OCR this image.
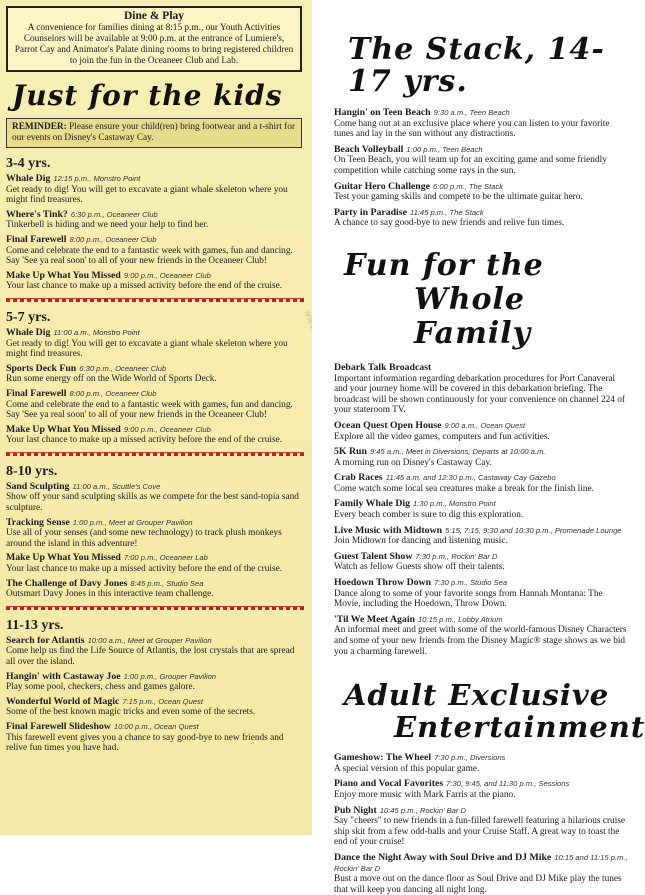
Dine & Play
A convenience for families dining at 8:15 p.m., our Youth Activities Counselors will be available at 9:00 p.m. at the entrance of Lumiere's, Parrot Cay and Animator's Palate dining rooms to bring registered children to join the fun in the Oceaneer Club and Lab.
Just for the kids
REMINDER: Please ensure your child(ren) bring footwear and a t-shirt for our events on Disney's Castaway Cay.
3-4 yrs.
Whale Dig 12:15 p.m., Monstro Point
Get ready to dig! You will get to excavate a giant whale skeleton where you might find treasures.
Where's Tink? 6:30 p.m., Oceaneer Club
Tinkerbell is hiding and we need your help to find her.
Final Farewell 8:00 p.m., Oceaneer Club
Come and celebrate the end to a fantastic week with games, fun and dancing. Say 'See ya real soon' to all of your new friends in the Oceaneer Club!
Make Up What You Missed 9:00 p.m., Oceaneer Club
Your last chance to make up a missed activity before the end of the cruise.
5-7 yrs.
Whale Dig 11:00 a.m., Monstro Point
Get ready to dig! You will get to excavate a giant whale skeleton where you might find treasures.
Sports Deck Fun 6:30 p.m., Oceaneer Club
Run some energy off on the Wide World of Sports Deck.
Final Farewell 8:00 p.m., Oceaneer Club
Come and celebrate the end to a fantastic week with games, fun and dancing. Say 'See ya real soon' to all of your new friends in the Oceaneer Club!
Make Up What You Missed 9:00 p.m., Oceaneer Club
Your last chance to make up a missed activity before the end of the cruise.
8-10 yrs.
Sand Sculpting 11:00 a.m., Scuttle's Cove
Show off your sand sculpting skills as we compete for the best sand-topia sand sculpture.
Tracking Sense 1:00 p.m., Meet at Grouper Pavilion
Use all of your senses (and some new technology) to track plush monkeys around the island in this adventure!
Make Up What You Missed 7:00 p.m., Oceaneer Lab
Your last chance to make up a missed activity before the end of the cruise.
The Challenge of Davy Jones 8:45 p.m., Studio Sea
Outsmart Davy Jones in this interactive team challenge.
11-13 yrs.
Search for Atlantis 10:00 a.m., Meet at Grouper Pavilion
Come help us find the Life Source of Atlantis, the lost crystals that are spread all over the island.
Hangin' with Castaway Joe 1:00 p.m., Grouper Pavilion
Play some pool, checkers, chess and games galore.
Wonderful World of Magic 7:15 p.m., Ocean Quest
Some of the best known magic tricks and even some of the secrets.
Final Farewell Slideshow 10:00 p.m., Ocean Quest
This farewell event gives you a chance to say good-bye to new friends and relive fun times you have had.
The Stack, 14-17 yrs.
Hangin' on Teen Beach 9:30 a.m., Teen Beach
Come hang out at an exclusive place where you can listen to your favorite tunes and lay in the sun without any distractions.
Beach Volleyball 1:00 p.m., Teen Beach
On Teen Beach, you will team up for an exciting game and some friendly competition while catching some rays in the sun.
Guitar Hero Challenge 6:00 p.m., The Stack
Test your gaming skills and compete to be the ultimate guitar hero.
Party in Paradise 11:45 p.m., The Stack
A chance to say good-bye to new friends and relive fun times.
Fun for the
Whole Family
Debark Talk Broadcast
Important information regarding debarkation procedures for Port Canaveral and your journey home will be covered in this debarkation briefing. The broadcast will be shown continuously for your convenience on channel 224 of your stateroom TV.
Ocean Quest Open House 9:00 a.m., Ocean Quest
Explore all the video games, computers and fun activities.
5K Run 9:45 a.m., Meet in Diversions, Departs at 10:00 a.m.
A morning run on Disney's Castaway Cay.
Crab Races 11:45 a.m. and 12:30 p.m., Castaway Cay Gazebo
Come watch some local sea creatures make a break for the finish line.
Family Whale Dig 1:30 p.m., Monstro Point
Every beach comber is sure to dig this exploration.
Live Music with Midtown 5:15, 7:15, 9:30 and 10:30 p.m., Promenade Lounge
Join Midtown for dancing and listening music.
Guest Talent Show 7:30 p.m., Rockin' Bar D
Watch as fellow Guests show off their talents.
Hoedown Throw Down 7:30 p.m., Studio Sea
Dance along to some of your favorite songs from Hannah Montana: The Movie, including the Hoedown, Throw Down.
'Til We Meet Again 10:15 p.m., Lobby Atrium
An informal meet and greet with some of the world-famous Disney Characters and some of your new friends from the Disney Magic® stage shows as we bid you a charming farewell.
Adult Exclusive
Entertainment
Gameshow: The Wheel 7:30 p.m., Diversions
A special version of this popular game.
Piano and Vocal Favorites 7:30, 9:45, and 11:30 p.m., Sessions
Enjoy more music with Mark Farris at the piano.
Pub Night 10:45 p.m., Rockin' Bar D
Say "cheers" to new friends in a fun-filled farewell featuring a hilarious cruise ship skit from a few odd-balls and your Cruise Staff. A great way to toast the end of your cruise!
Dance the Night Away with Soul Drive and DJ Mike 10:15 and 11:15 p.m., Rockin' Bar D
Bust a move out on the dance floor as Soul Drive and DJ Mike play the tunes that will keep you dancing all night long.
